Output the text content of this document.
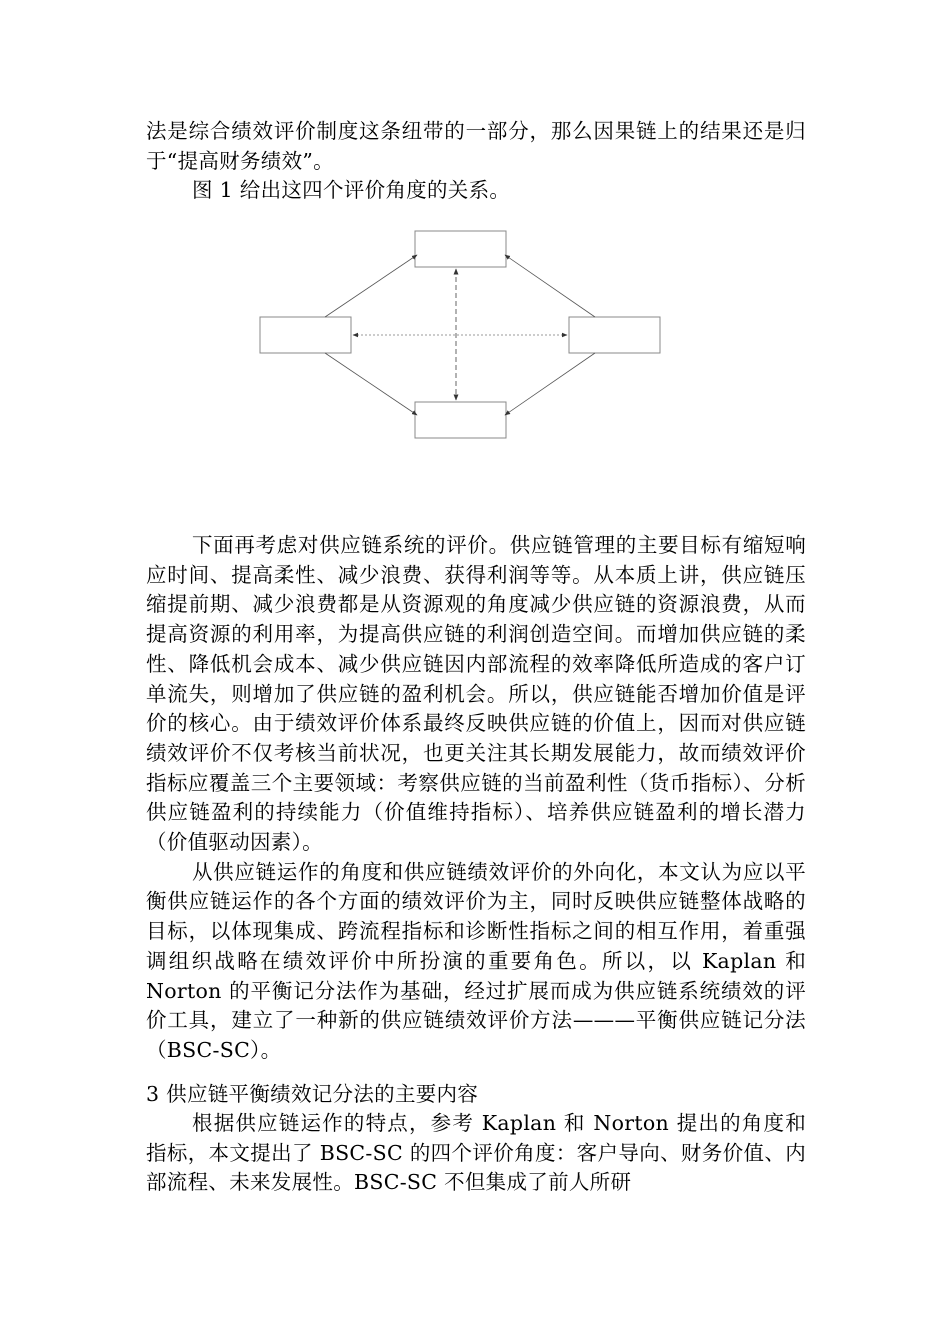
法是综合绩效评价制度这条纽带的一部分，那么因果链上的结果还是归于“提高财务绩效”。

图 1 给出这四个评价角度的关系。

下面再考虑对供应链系统的评价。供应链管理的主要目标有缩短响应时间、提高柔性、减少浪费、获得利润等等。从本质上讲，供应链压缩提前期、减少浪费都是从资源观的角度减少供应链的资源浪费，从而提高资源的利用率，为提高供应链的利润创造空间。而增加供应链的柔性、降低机会成本、减少供应链因内部流程的效率降低所造成的客户订单流失，则增加了供应链的盈利机会。所以，供应链能否增加价值是评价的核心。由于绩效评价体系最终反映供应链的价值上，因而对供应链绩效评价不仅考核当前状况，也更关注其长期发展能力，故而绩效评价指标应覆盖三个主要领域：考察供应链的当前盈利性（货币指标）、分析供应链盈利的持续能力（价值维持指标）、培养供应链盈利的增长潜力（价值驱动因素）。

从供应链运作的角度和供应链绩效评价的外向化，本文认为应以平衡供应链运作的各个方面的绩效评价为主，同时反映供应链整体战略的目标，以体现集成、跨流程指标和诊断性指标之间的相互作用，着重强调组织战略在绩效评价中所扮演的重要角色。所以，以 Kaplan 和 Norton 的平衡记分法作为基础，经过扩展而成为供应链系统绩效的评价工具，建立了一种新的供应链绩效评价方法———平衡供应链记分法（BSC-SC）。

3 供应链平衡绩效记分法的主要内容

根据供应链运作的特点，参考 Kaplan 和 Norton 提出的角度和指标，本文提出了 BSC-SC 的四个评价角度：客户导向、财务价值、内部流程、未来发展性。BSC-SC 不但集成了前人所研
